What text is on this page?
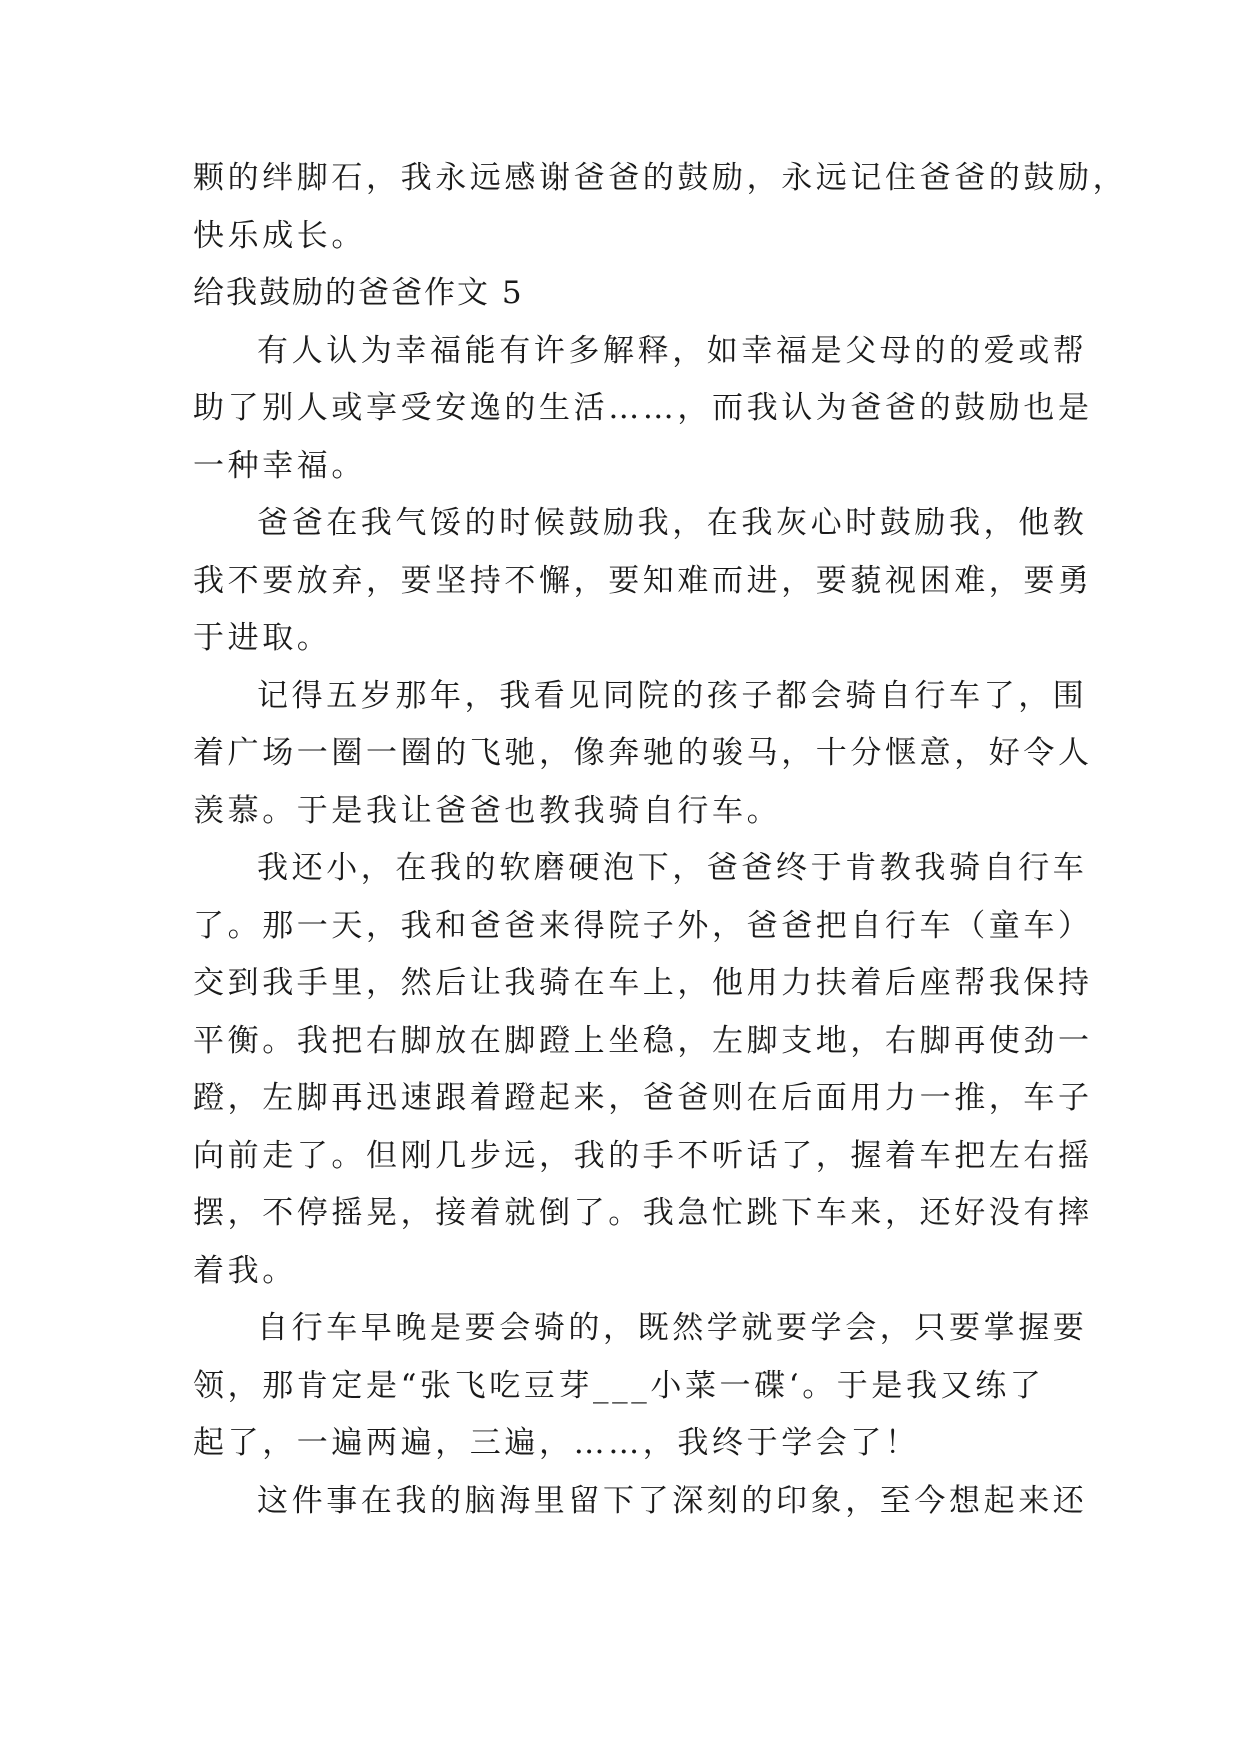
颗的绊脚石，我永远感谢爸爸的鼓励，永远记住爸爸的鼓励，
快乐成长。
给我鼓励的爸爸作文 5
有人认为幸福能有许多解释，如幸福是父母的的爱或帮
助了别人或享受安逸的生活……，而我认为爸爸的鼓励也是
一种幸福。
爸爸在我气馁的时候鼓励我，在我灰心时鼓励我，他教
我不要放弃，要坚持不懈，要知难而进，要藐视困难，要勇
于进取。
记得五岁那年，我看见同院的孩子都会骑自行车了，围
着广场一圈一圈的飞驰，像奔驰的骏马，十分惬意，好令人
羡慕。于是我让爸爸也教我骑自行车。
我还小，在我的软磨硬泡下，爸爸终于肯教我骑自行车
了。那一天，我和爸爸来得院子外，爸爸把自行车（童车）
交到我手里，然后让我骑在车上，他用力扶着后座帮我保持
平衡。我把右脚放在脚蹬上坐稳，左脚支地，右脚再使劲一
蹬，左脚再迅速跟着蹬起来，爸爸则在后面用力一推，车子
向前走了。但刚几步远，我的手不听话了，握着车把左右摇
摆，不停摇晃，接着就倒了。我急忙跳下车来，还好没有摔
着我。
自行车早晚是要会骑的，既然学就要学会，只要掌握要
领，那肯定是“张飞吃豆芽___小菜一碟‘。于是我又练了
起了，一遍两遍，三遍，……，我终于学会了！
这件事在我的脑海里留下了深刻的印象，至今想起来还
